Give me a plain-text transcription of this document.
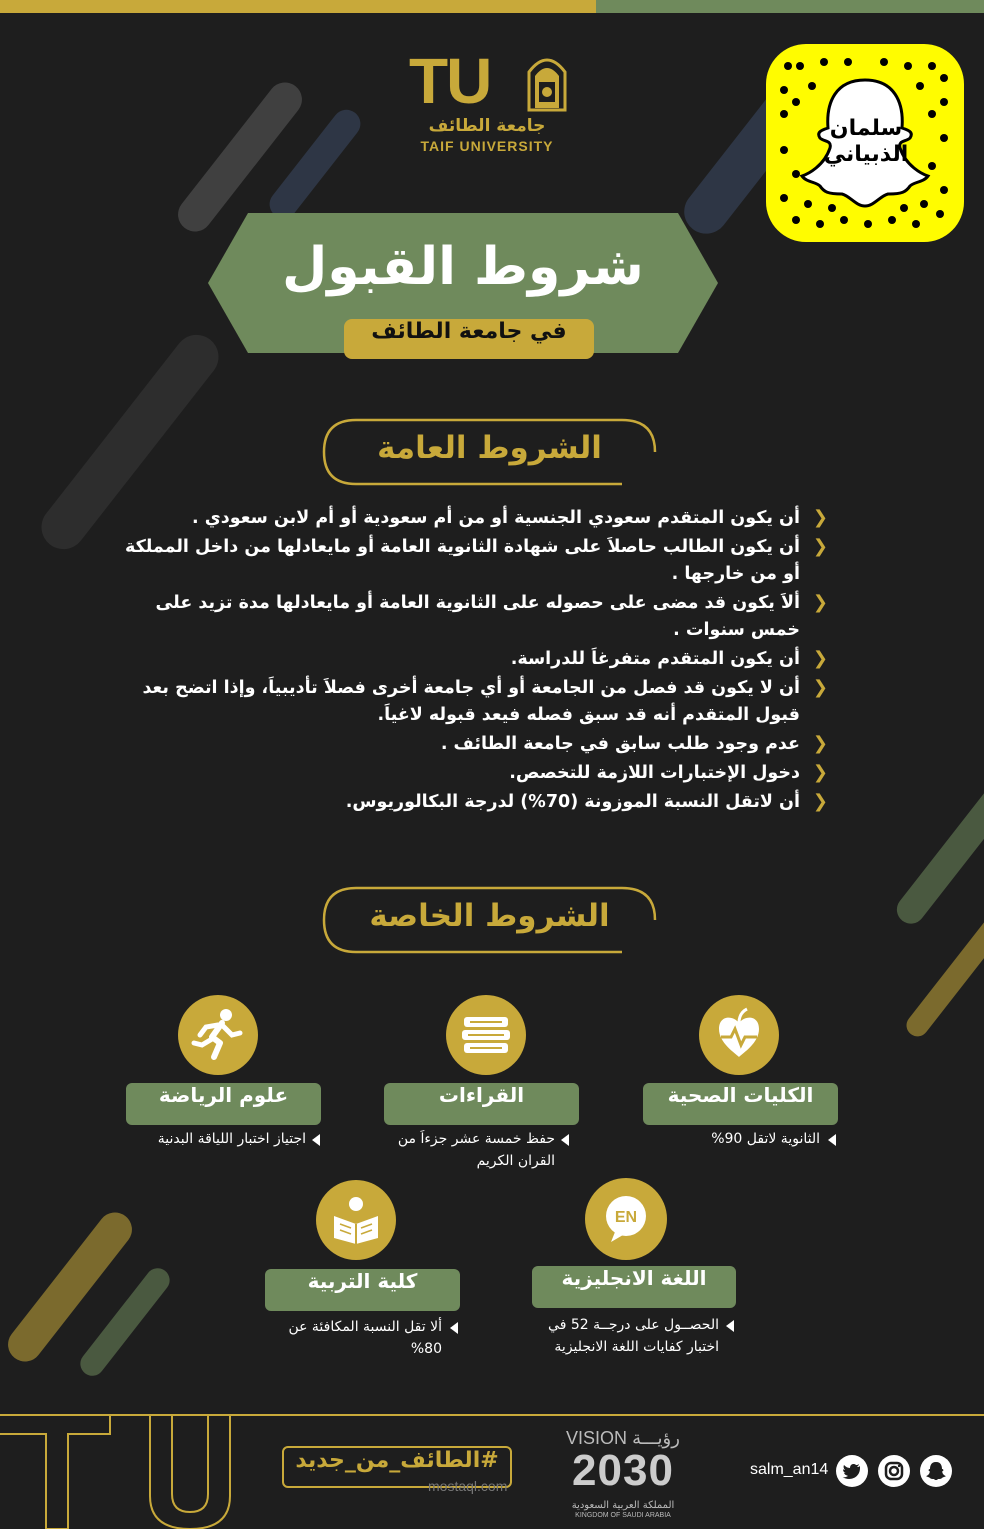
TU
جامعة الطائف
TAIF UNIVERSITY
سلمان
الذبياني
شروط القبول
في جامعة الطائف
الشروط العامة
❮
أن يكون المتقدم سعودي الجنسية أو من أم سعودية أو أم لابن سعودي .
❮
أن يكون الطالب حاصلاَ على شهادة الثانوية العامة أو مايعادلها من داخل المملكة أو من خارجها .
❮
ألاَ يكون قد مضى على حصوله على الثانوية العامة أو مايعادلها مدة تزيد على خمس سنوات .
❮
أن يكون المتقدم متفرغاَ للدراسة.
❮
أن لا يكون قد فصل من الجامعة أو أي جامعة أخرى فصلاَ تأديبياَ، وإذا اتضح بعد قبول المتقدم أنه قد سبق فصله فيعد قبوله لاغياَ.
❮
عدم وجود طلب سابق في جامعة الطائف .
❮
دخول الإختبارات اللازمة للتخصص.
❮
أن لاتقل النسبة الموزونة (70%) لدرجة البكالوريوس.
الشروط الخاصة
الكليات الصحية
الثانوية لاتقل 90%
القراءات
حفظ خمسة عشر جزءاَ من القران الكريم
علوم الرياضة
اجتياز اختبار اللياقة البدنية
EN
اللغة الانجليزية
الحصــول على درجــة 52 في اختبار كفايات اللغة الانجليزية
كلية التربية
ألا تقل النسبة المكافئة عن 80%
#الطائف_من_جديد
VISION رؤيـــة
2030
المملكة العربية السعودية
KINGDOM OF SAUDI ARABIA
mostaql.com
salm_an14
